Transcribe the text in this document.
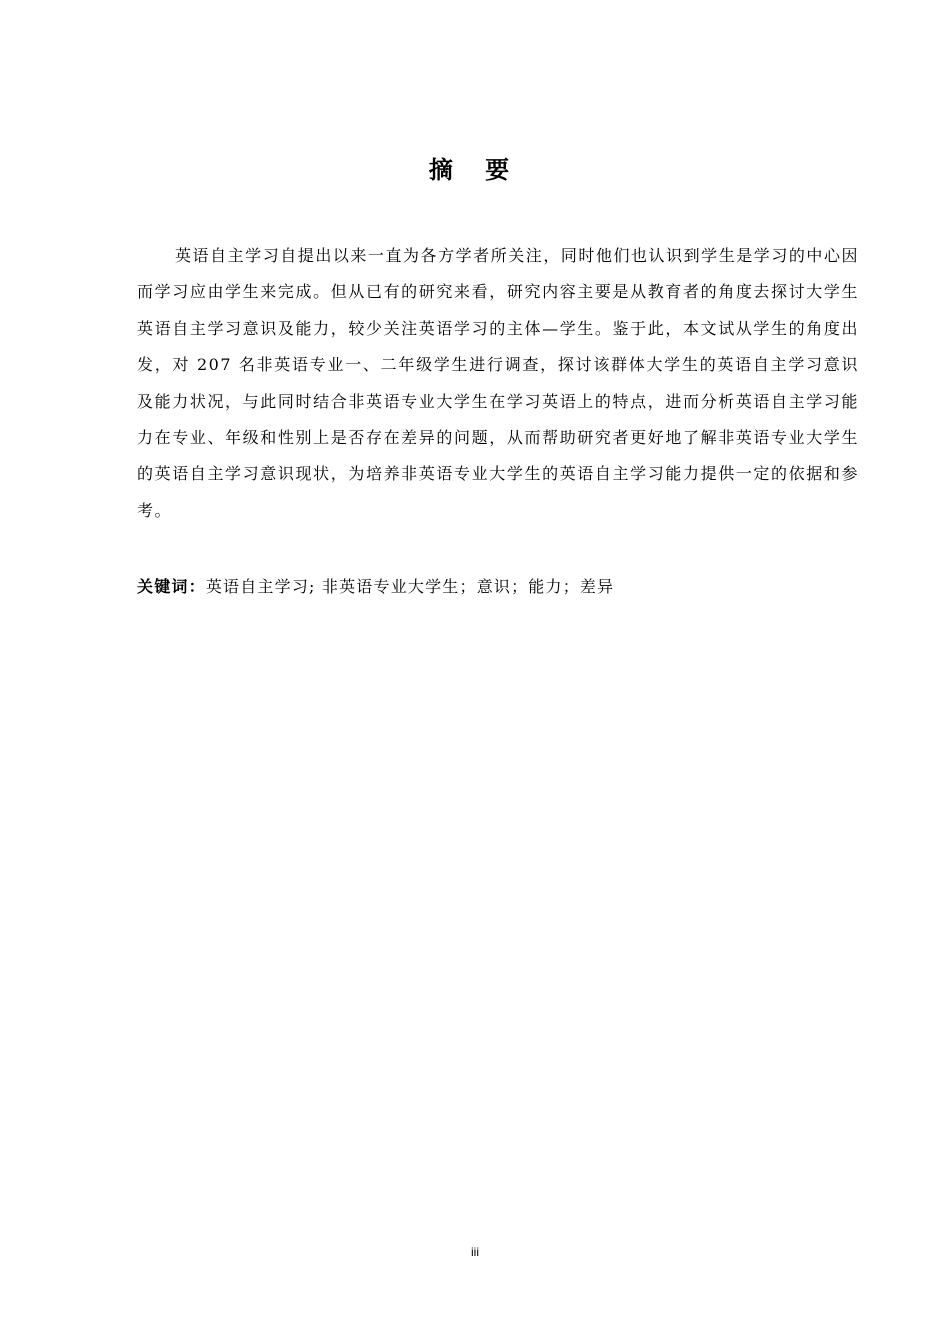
摘 要

英语自主学习自提出以来一直为各方学者所关注，同时他们也认识到学生是学习的中心因而学习应由学生来完成。但从已有的研究来看，研究内容主要是从教育者的角度去探讨大学生英语自主学习意识及能力，较少关注英语学习的主体—学生。鉴于此，本文试从学生的角度出发，对 207 名非英语专业一、二年级学生进行调查，探讨该群体大学生的英语自主学习意识及能力状况，与此同时结合非英语专业大学生在学习英语上的特点，进而分析英语自主学习能力在专业、年级和性别上是否存在差异的问题，从而帮助研究者更好地了解非英语专业大学生的英语自主学习意识现状，为培养非英语专业大学生的英语自主学习能力提供一定的依据和参考。

关键词：英语自主学习; 非英语专业大学生；意识；能力；差异
iii
